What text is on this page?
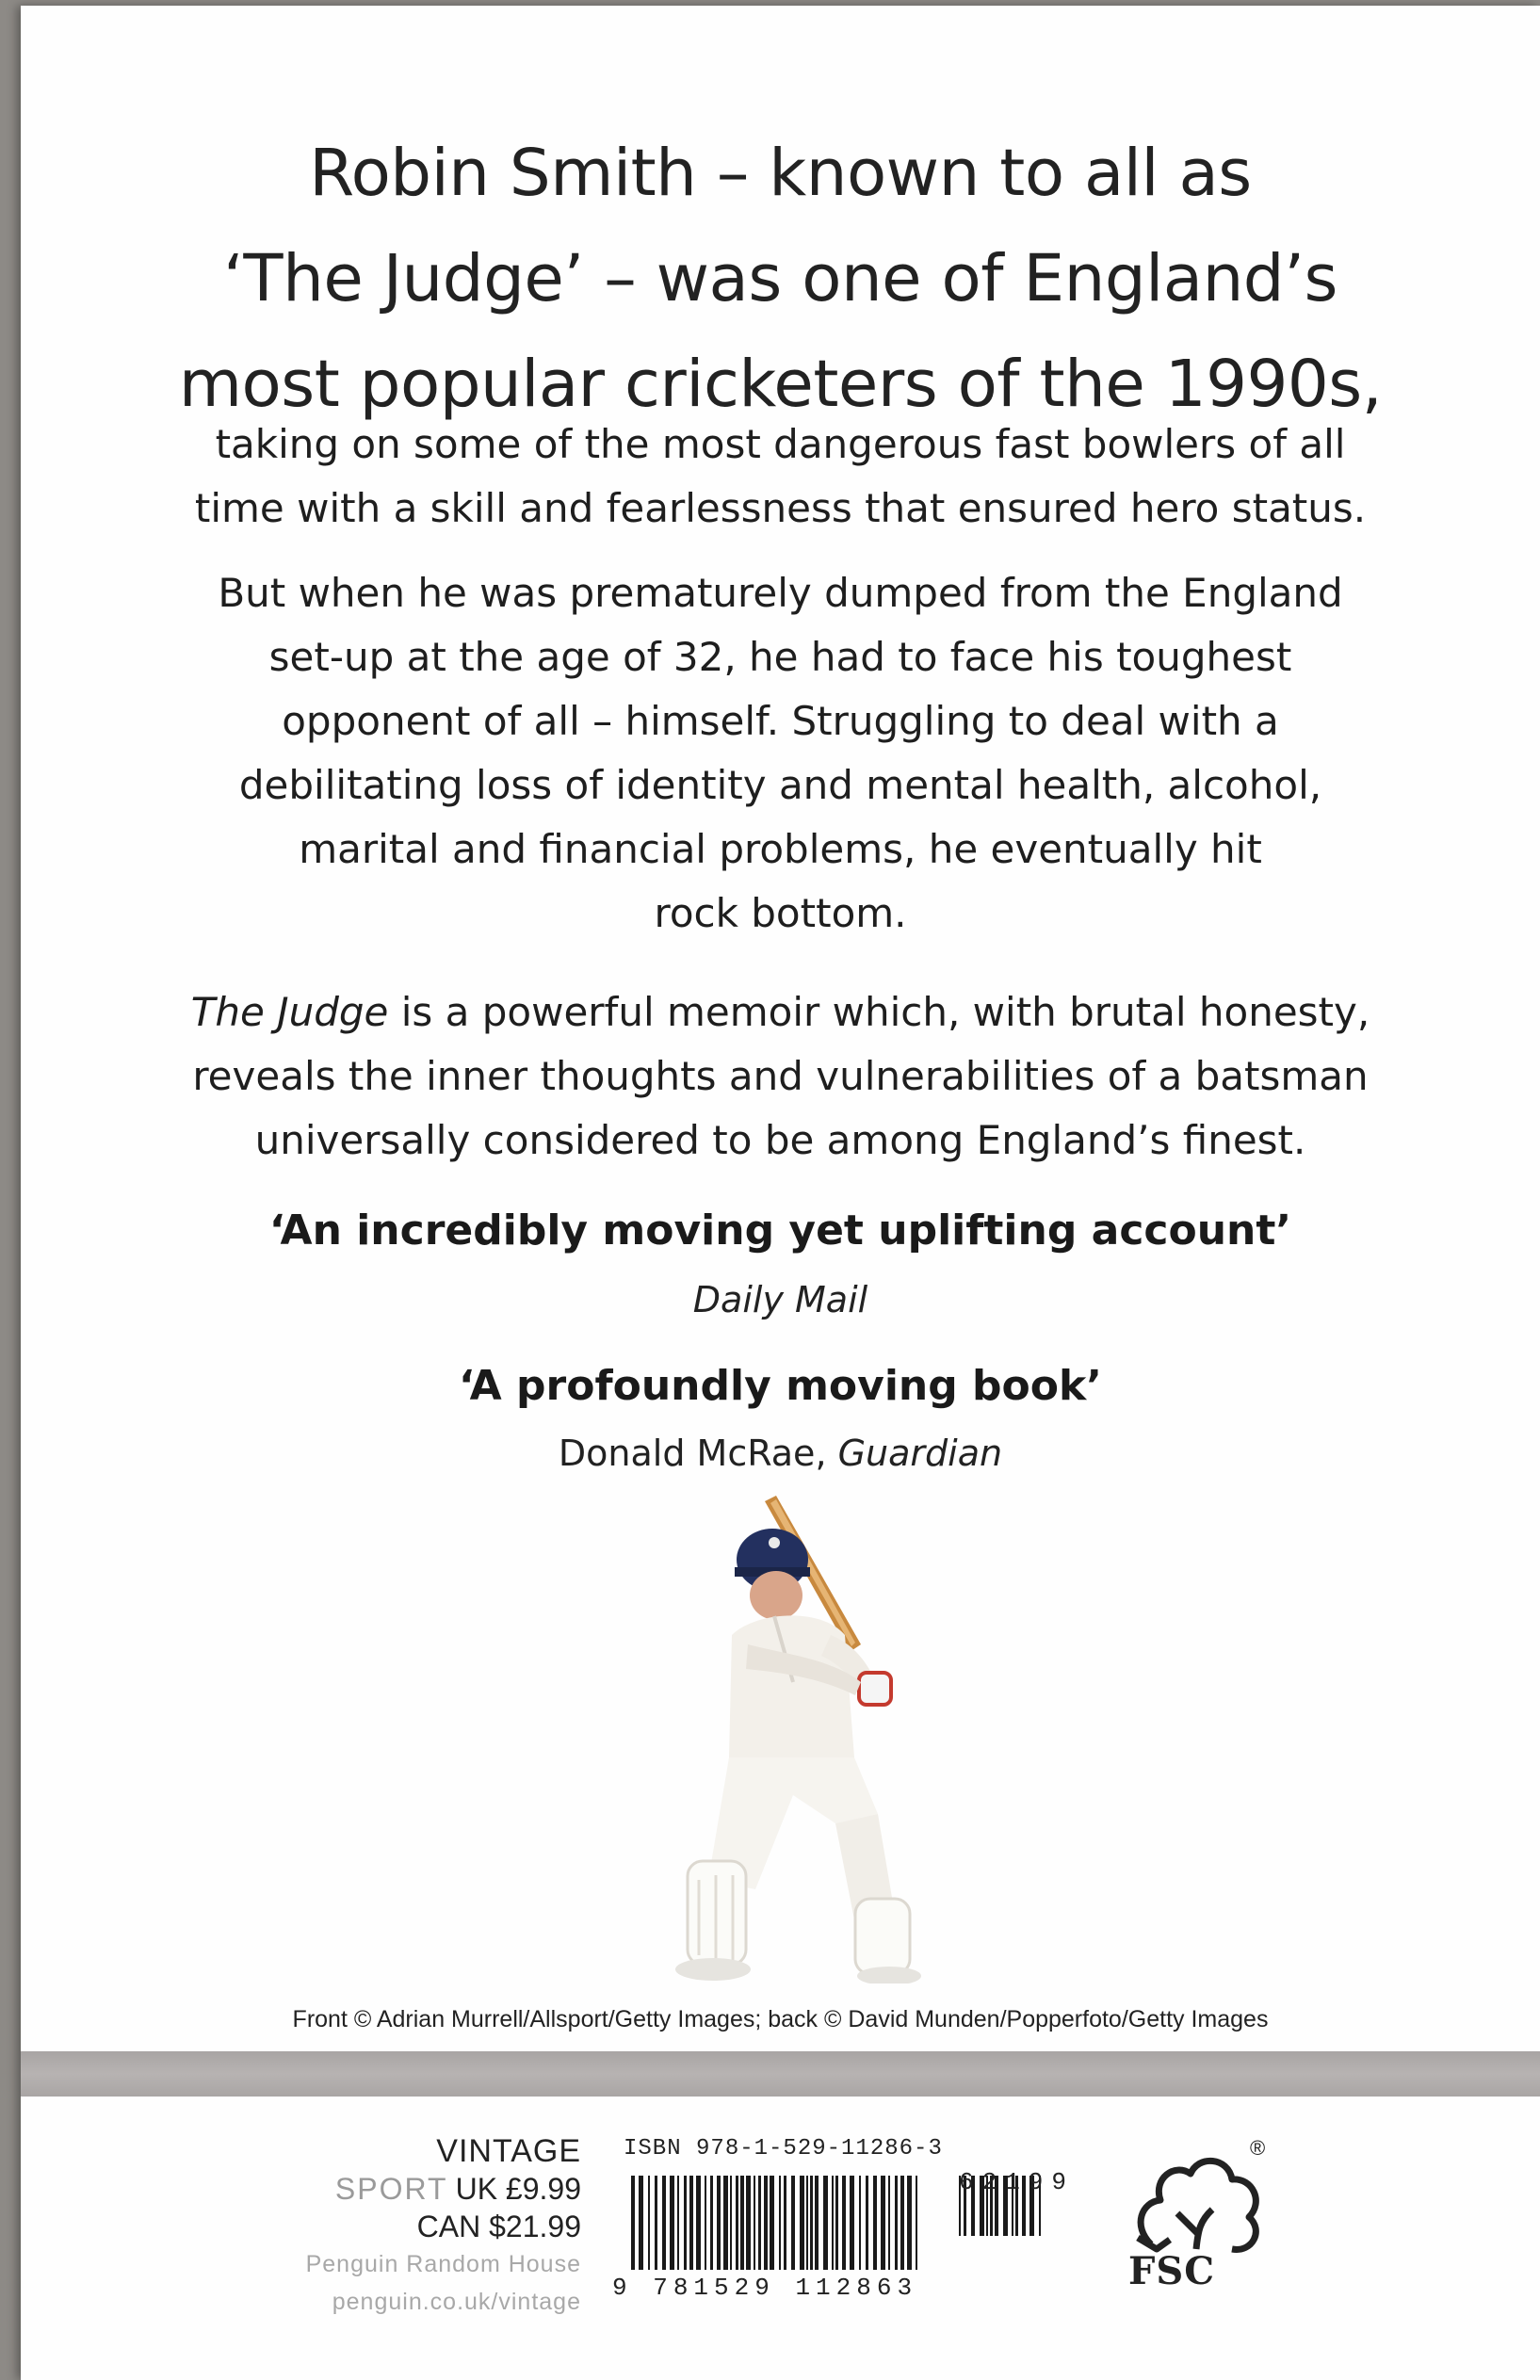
Robin Smith – known to all as
‘The Judge’ – was one of England’s
most popular cricketers of the 1990s,
taking on some of the most dangerous fast bowlers of all
time with a skill and fearlessness that ensured hero status.
But when he was prematurely dumped from the England
set-up at the age of 32, he had to face his toughest
opponent of all – himself. Struggling to deal with a
debilitating loss of identity and mental health, alcohol,
marital and financial problems, he eventually hit
rock bottom.
The Judge is a powerful memoir which, with brutal honesty,
reveals the inner thoughts and vulnerabilities of a batsman
universally considered to be among England’s finest.
‘An incredibly moving yet uplifting account’
Daily Mail
‘A profoundly moving book’
Donald McRae, Guardian
Front © Adrian Murrell/Allsport/Getty Images; back © David Munden/Popperfoto/Getty Images
VINTAGE
SPORT UK £9.99
CAN $21.99
Penguin Random House
penguin.co.uk/vintage
ISBN 978-1-529-11286-3
9 781529 112863
62199
FSC
®
